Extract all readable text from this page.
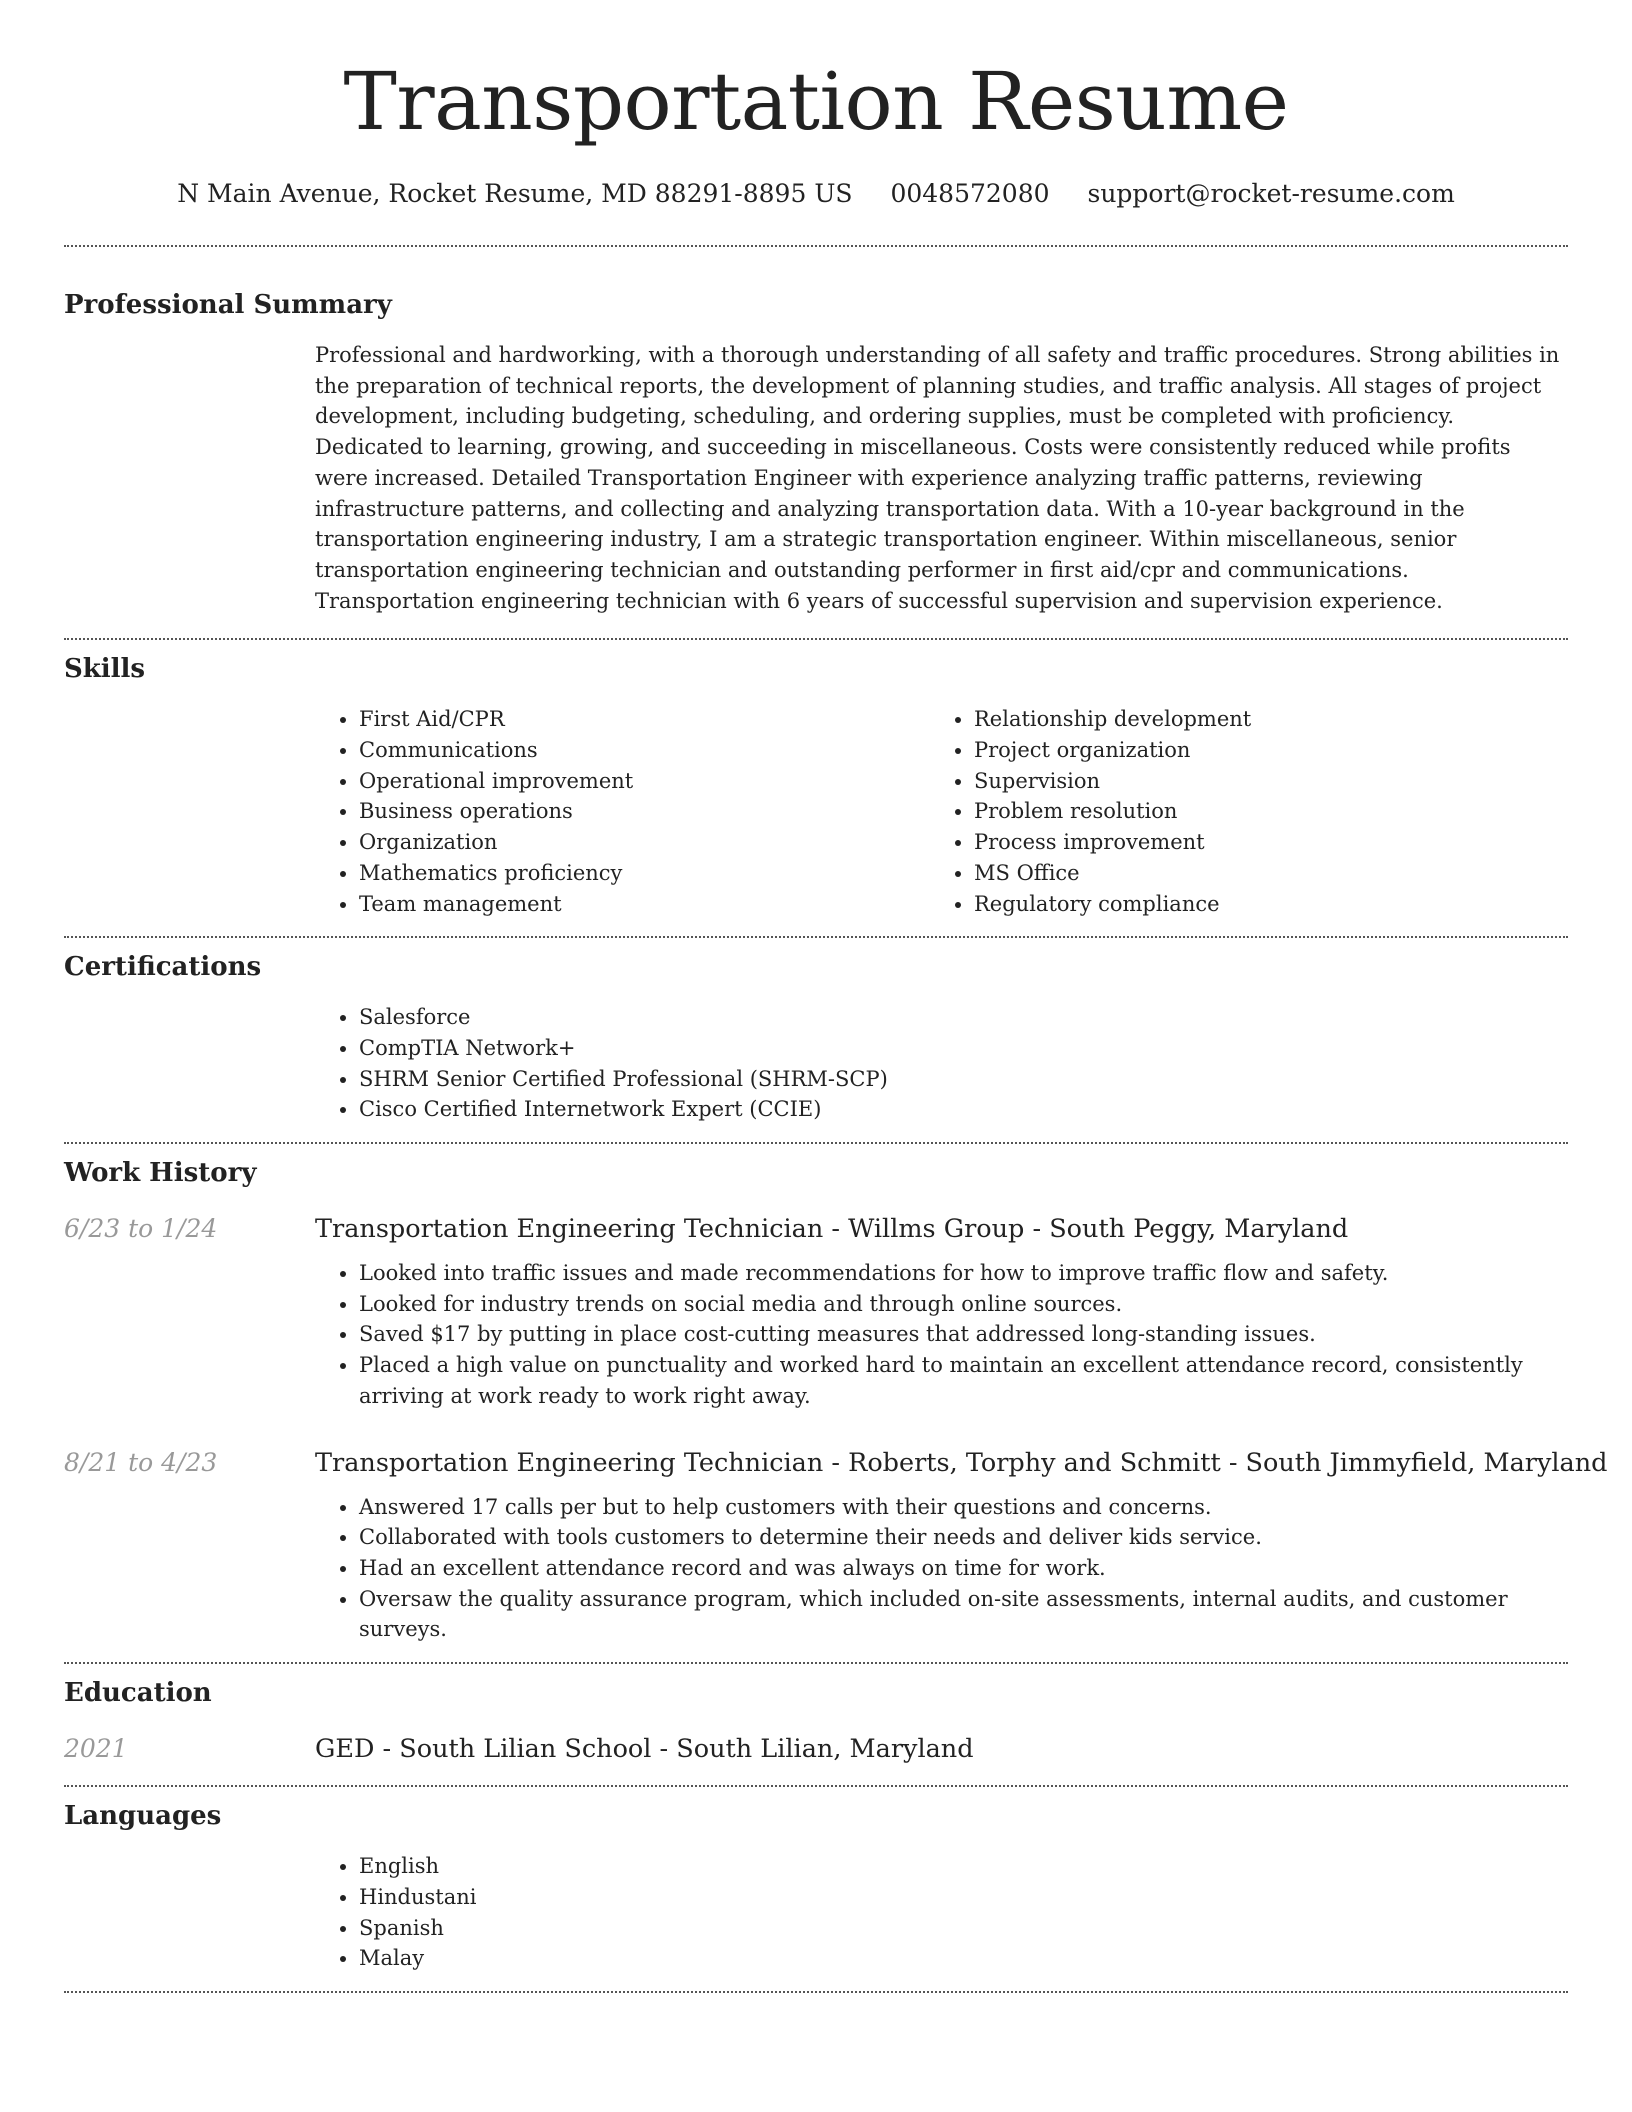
Transportation Resume
N Main Avenue, Rocket Resume, MD 88291-8895 US 0048572080 support@rocket-resume.com
Professional Summary
Professional and hardworking, with a thorough understanding of all safety and traffic procedures. Strong abilities in the preparation of technical reports, the development of planning studies, and traffic analysis. All stages of project development, including budgeting, scheduling, and ordering supplies, must be completed with proficiency. Dedicated to learning, growing, and succeeding in miscellaneous. Costs were consistently reduced while profits were increased. Detailed Transportation Engineer with experience analyzing traffic patterns, reviewing infrastructure patterns, and collecting and analyzing transportation data. With a 10-year background in the transportation engineering industry, I am a strategic transportation engineer. Within miscellaneous, senior transportation engineering technician and outstanding performer in first aid/cpr and communications. Transportation engineering technician with 6 years of successful supervision and supervision experience.
Skills
• First Aid/CPR
• Communications
• Operational improvement
• Business operations
• Organization
• Mathematics proficiency
• Team management
• Relationship development
• Project organization
• Supervision
• Problem resolution
• Process improvement
• MS Office
• Regulatory compliance
Certifications
• Salesforce
• CompTIA Network+
• SHRM Senior Certified Professional (SHRM-SCP)
• Cisco Certified Internetwork Expert (CCIE)
Work History
6/23 to 1/24	Transportation Engineering Technician - Willms Group - South Peggy, Maryland
• Looked into traffic issues and made recommendations for how to improve traffic flow and safety.
• Looked for industry trends on social media and through online sources.
• Saved $17 by putting in place cost-cutting measures that addressed long-standing issues.
• Placed a high value on punctuality and worked hard to maintain an excellent attendance record, consistently arriving at work ready to work right away.
8/21 to 4/23	Transportation Engineering Technician - Roberts, Torphy and Schmitt - South Jimmyfield, Maryland
• Answered 17 calls per but to help customers with their questions and concerns.
• Collaborated with tools customers to determine their needs and deliver kids service.
• Had an excellent attendance record and was always on time for work.
• Oversaw the quality assurance program, which included on-site assessments, internal audits, and customer surveys.
Education
2021	GED - South Lilian School - South Lilian, Maryland
Languages
• English
• Hindustani
• Spanish
• Malay
